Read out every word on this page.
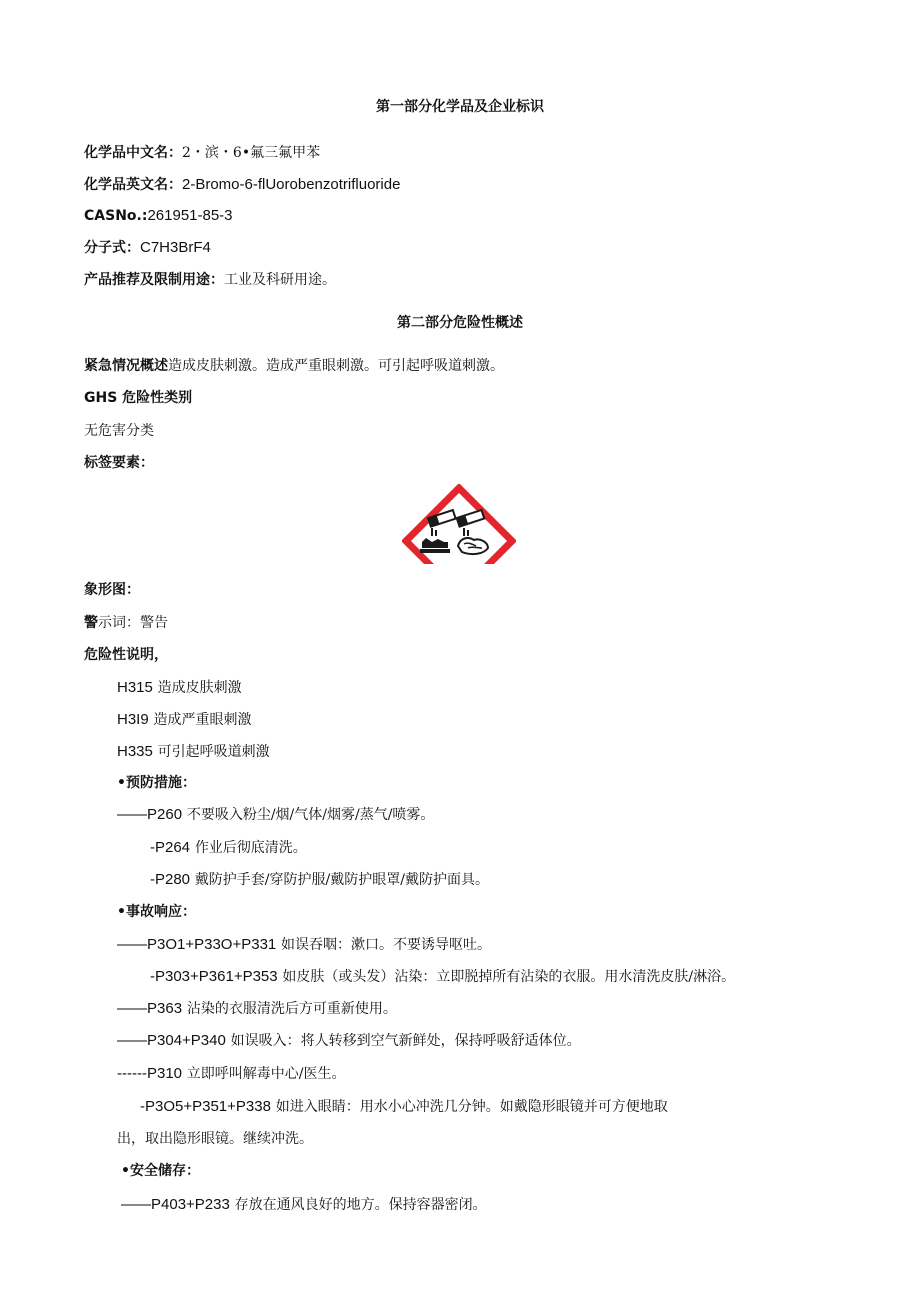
第一部分化学品及企业标识
化学品中文名：2・滨・6•氟三氟甲苯
化学品英文名：2-Bromo-6-flUorobenzotrifluoride
CASNo.:261951-85-3
分子式：C7H3BrF4
产品推荐及限制用途：工业及科研用途。
第二部分危险性概述
紧急情况概述造成皮肤刺激。造成严重眼刺激。可引起呼吸道刺激。
GHS 危险性类别
无危害分类
标签要素：
象形图：
警示词：警告
危险性说明，
H315 造成皮肤刺激
H3I9 造成严重眼刺激
H335 可引起呼吸道刺激
•预防措施：
——P260 不要吸入粉尘/烟/气体/烟雾/蒸气/喷雾。
-P264 作业后彻底清洗。
-P280 戴防护手套/穿防护服/戴防护眼罩/戴防护面具。
•事故响应：
——P3O1+P33O+P331 如误吞咽：漱口。不要诱导呕吐。
-P303+P361+P353 如皮肤（或头发）沾染：立即脱掉所有沾染的衣服。用水清洗皮肤/淋浴。
——P363 沾染的衣服清洗后方可重新使用。
——P304+P340 如误吸入：将人转移到空气新鲜处，保持呼吸舒适体位。
------P310 立即呼叫解毒中心/医生。
-P3O5+P351+P338 如进入眼睛：用水小心冲洗几分钟。如戴隐形眼镜并可方便地取
出，取出隐形眼镜。继续冲洗。
•安全储存：
——P403+P233 存放在通风良好的地方。保持容器密闭。
